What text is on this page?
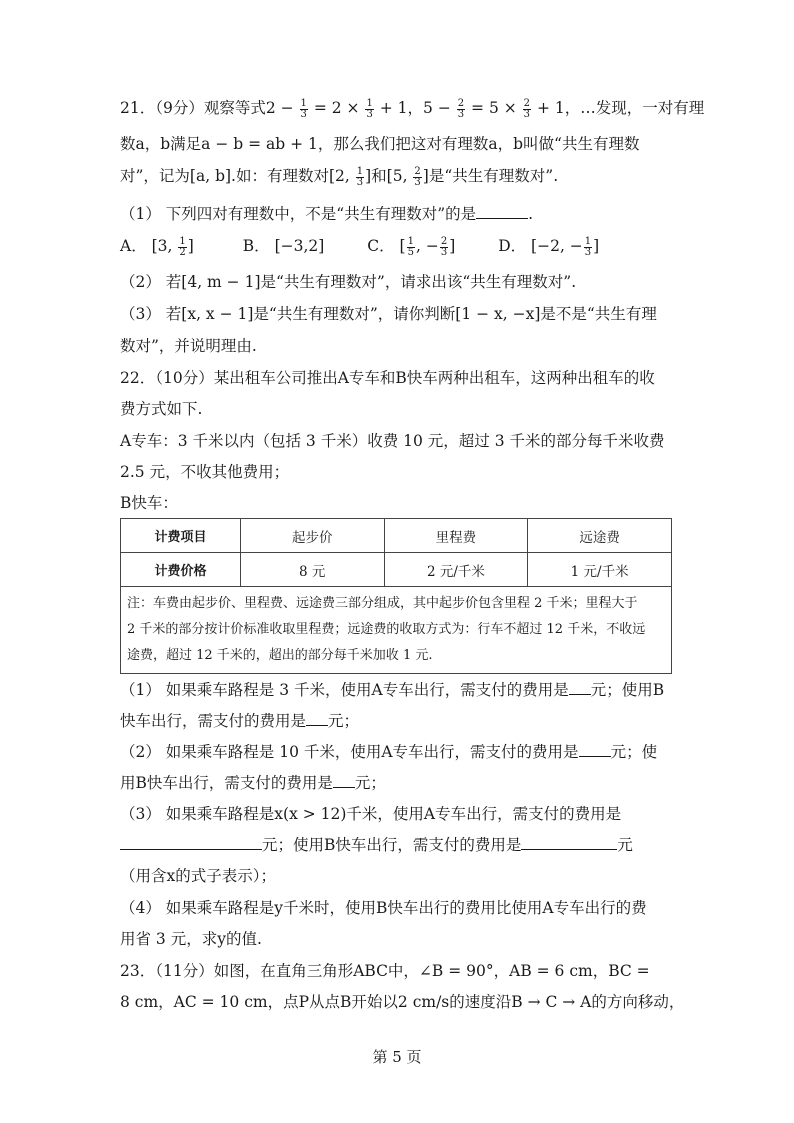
21．（9分）观察等式$2 - \frac{1}{3} = 2 \times \frac{1}{3} + 1$，$5 - \frac{2}{3} = 5 \times \frac{2}{3} + 1$，…发现，一对有理
数a，b满足a − b = ab + 1，那么我们把这对有理数a，b叫做“共生有理数
对”，记为[a, b].如：有理数对[2, $\frac{1}{3}$ ]和[5, $\frac{2}{3}$ ]是“共生有理数对”.
（1） 下列四对有理数中，不是“共生有理数对”的是	.
A． [3, $\frac{1}{2}$ ]	B． [−3,2]	C． [ $\frac{1}{5}$ , − $\frac{2}{3}$ ]	D． [−2, − $\frac{1}{3}$ ]
（2） 若[4, m − 1]是“共生有理数对”，请求出该“共生有理数对”.
（3） 若[x, x − 1]是“共生有理数对”，请你判断[1 − x, −x]是不是“共生有理
数对”，并说明理由.
22．（10分）某出租车公司推出A专车和B快车两种出租车，这两种出租车的收
费方式如下.
A专车：3 千米以内（包括 3 千米）收费 10 元，超过 3 千米的部分每千米收费
2.5 元，不收其他费用；
B快车：
计费项目	起步价	里程费	远途费
计费价格	8 元	2 元/千米	1 元/千米

注：车费由起步价、里程费、远途费三部分组成，其中起步价包含里程 2 千米；里程大于
2 千米的部分按计价标准收取里程费；远途费的收取方式为：行车不超过 12 千米，不收远
途费，超过 12 千米的，超出的部分每千米加收 1 元.			
（1） 如果乘车路程是 3 千米，使用A专车出行，需支付的费用是 元；使用B
快车出行，需支付的费用是 元；
（2） 如果乘车路程是 10 千米，使用A专车出行，需支付的费用是 元；使
用B快车出行，需支付的费用是 元；
（3） 如果乘车路程是x(x > 12)千米，使用A专车出行，需支付的费用是
元；使用B快车出行，需支付的费用是	元
（用含x的式子表示）；
（4） 如果乘车路程是y千米时，使用B快车出行的费用比使用A专车出行的费
用省 3 元，求y的值.
23．（11分）如图，在直角三角形ABC中，∠B = 90°，AB = 6 cm，BC =
8 cm，AC = 10 cm，点P从点B开始以2 cm/s的速度沿B → C → A的方向移动，
第 5 页
